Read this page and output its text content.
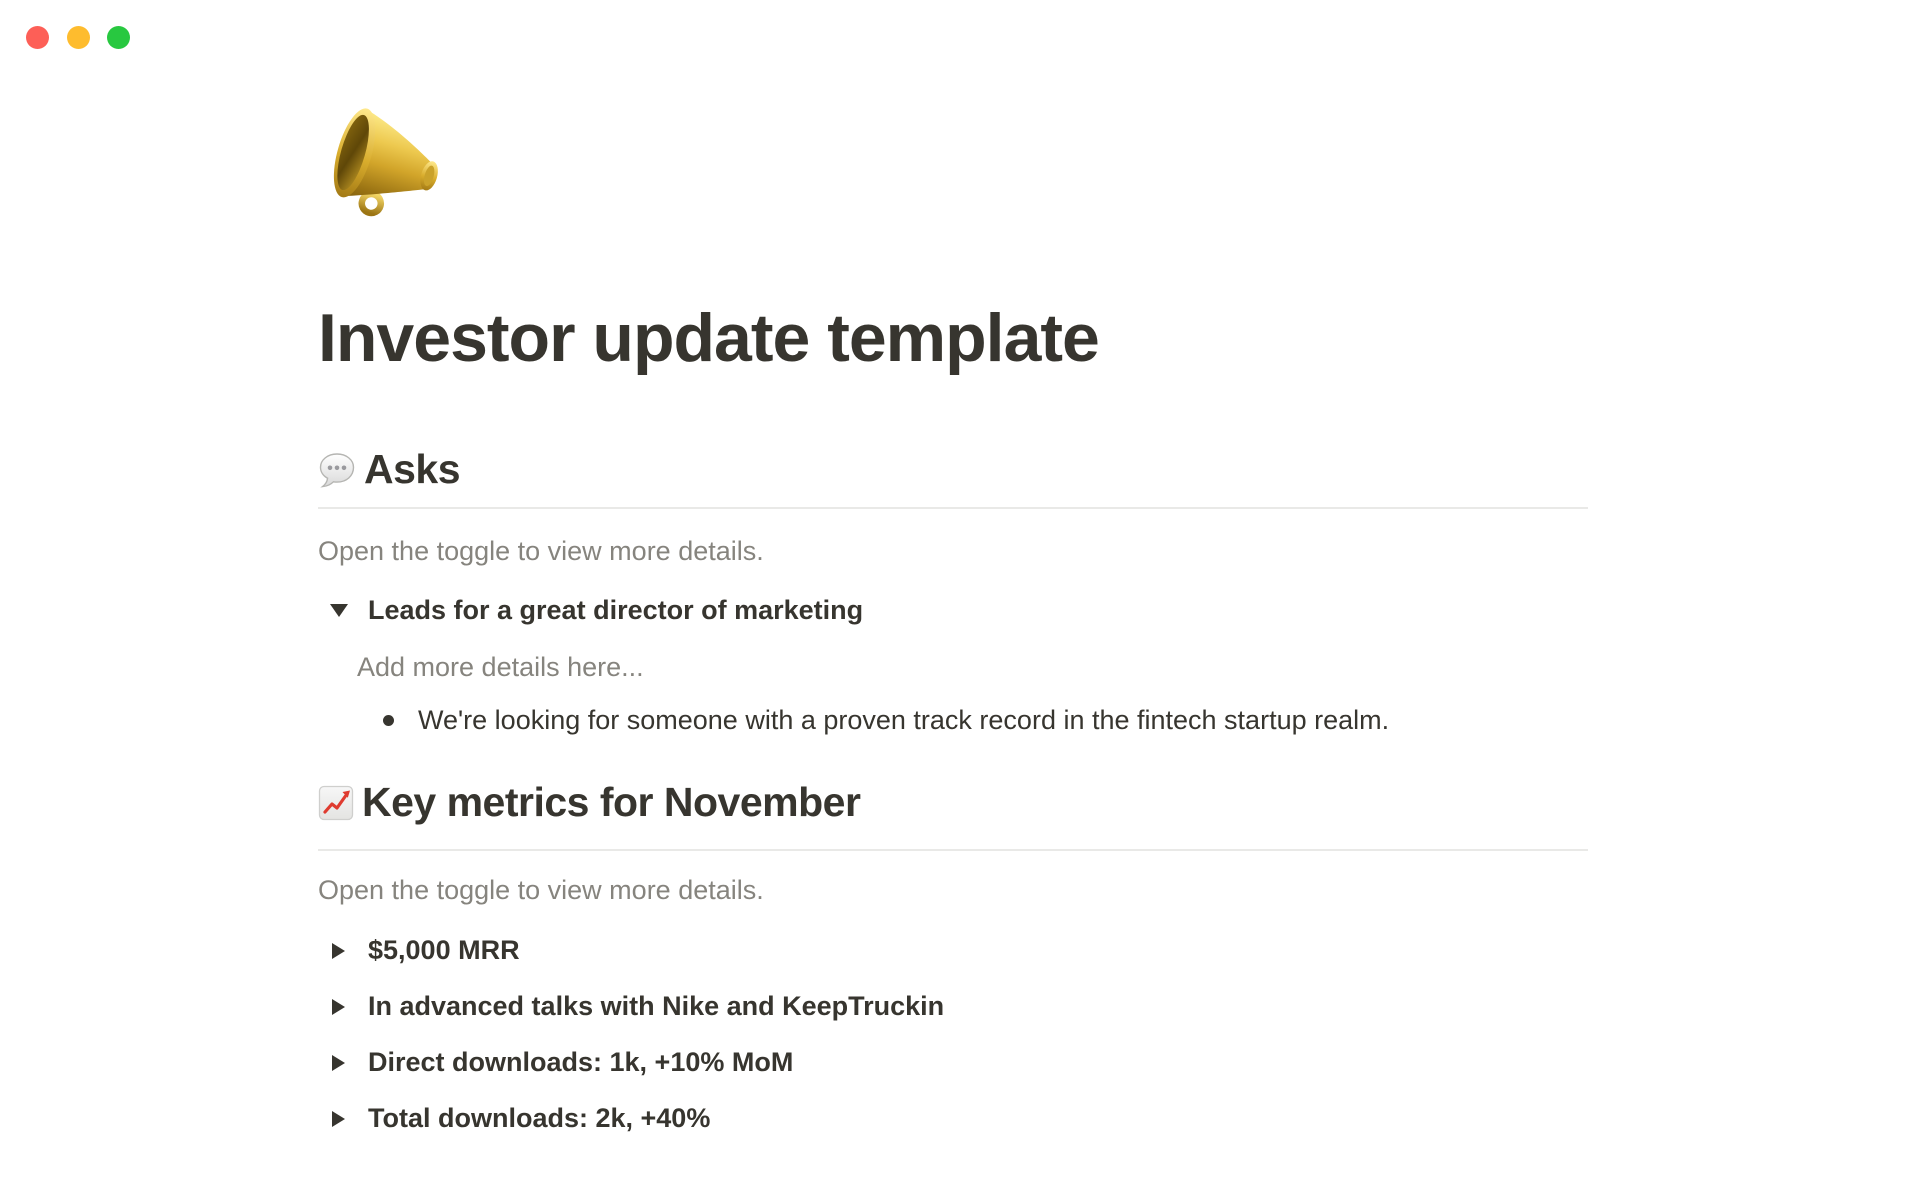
Investor update template
Asks
Open the toggle to view more details.
Leads for a great director of marketing
Add more details here...
We're looking for someone with a proven track record in the fintech startup realm.
Key metrics for November
Open the toggle to view more details.
$5,000 MRR
In advanced talks with Nike and KeepTruckin
Direct downloads: 1k, +10% MoM
Total downloads: 2k, +40%
